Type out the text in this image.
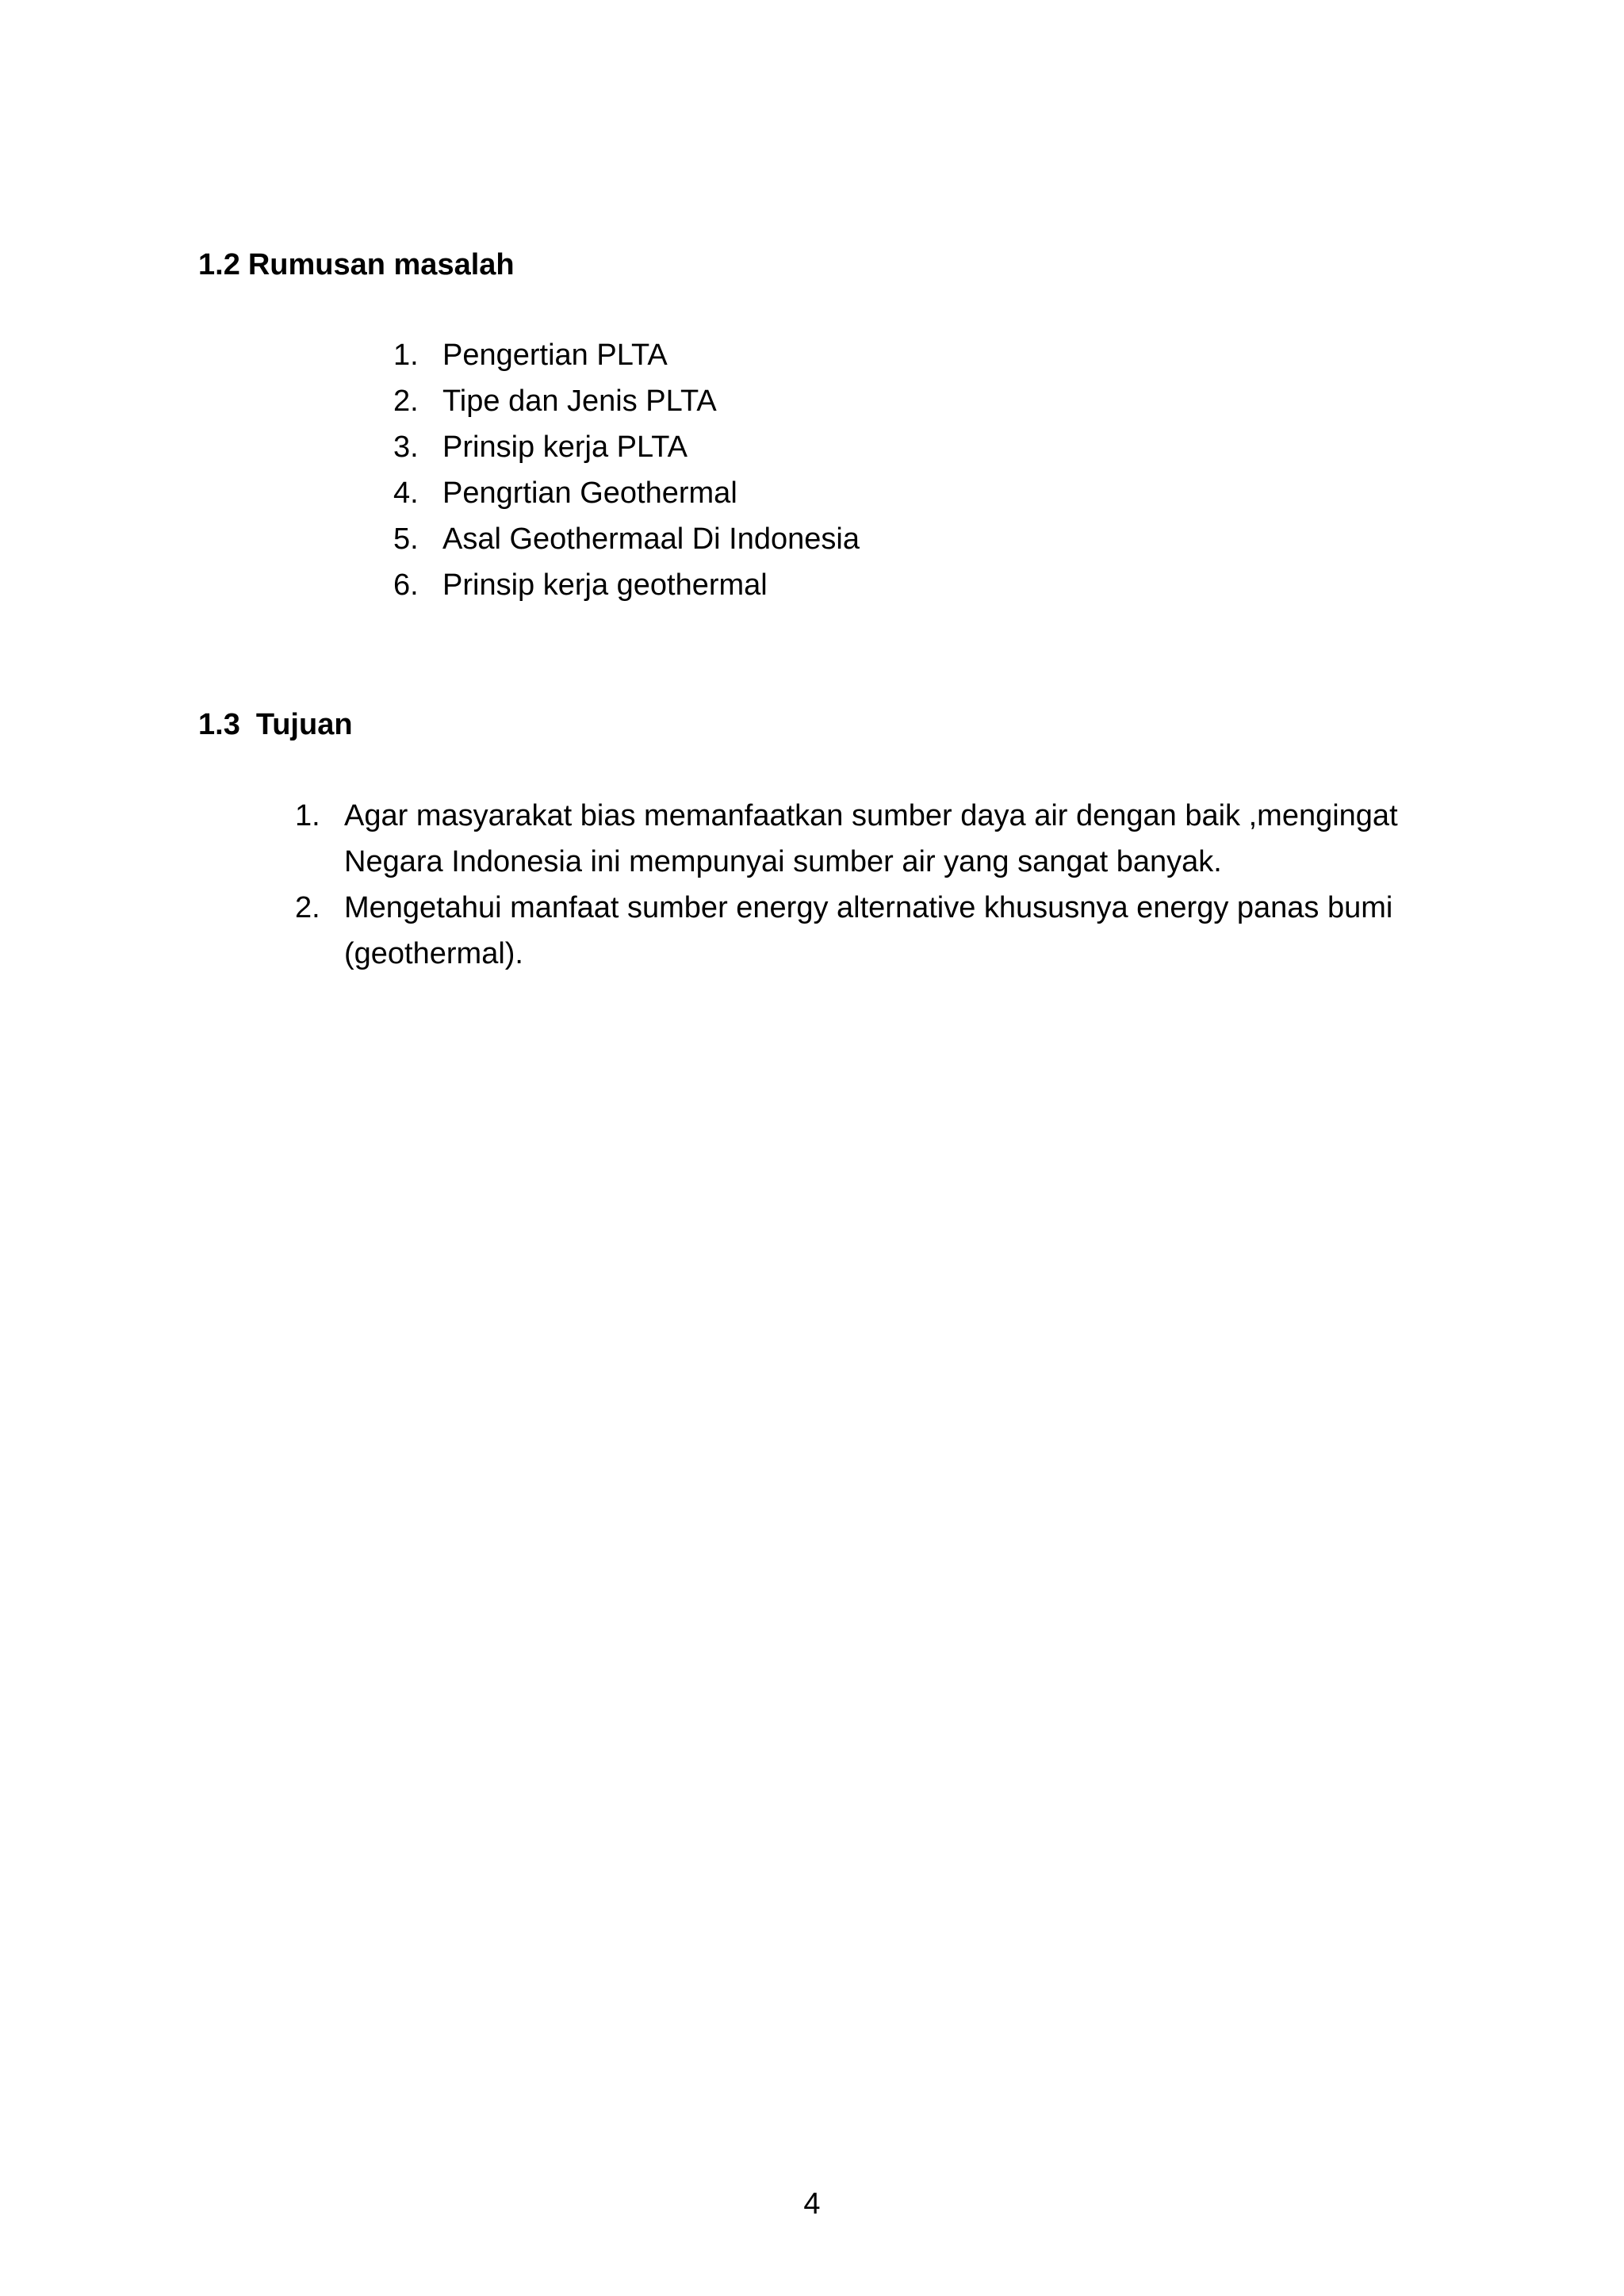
1.2 Rumusan masalah
1. Pengertian PLTA
2. Tipe dan Jenis PLTA
3. Prinsip kerja PLTA
4. Pengrtian Geothermal
5. Asal Geothermaal Di Indonesia
6. Prinsip kerja geothermal
1.3 Tujuan
1. Agar masyarakat bias memanfaatkan sumber daya air dengan baik ,mengingat Negara Indonesia ini mempunyai sumber air yang sangat banyak.
2. Mengetahui manfaat sumber energy alternative khususnya energy panas bumi (geothermal).
4
